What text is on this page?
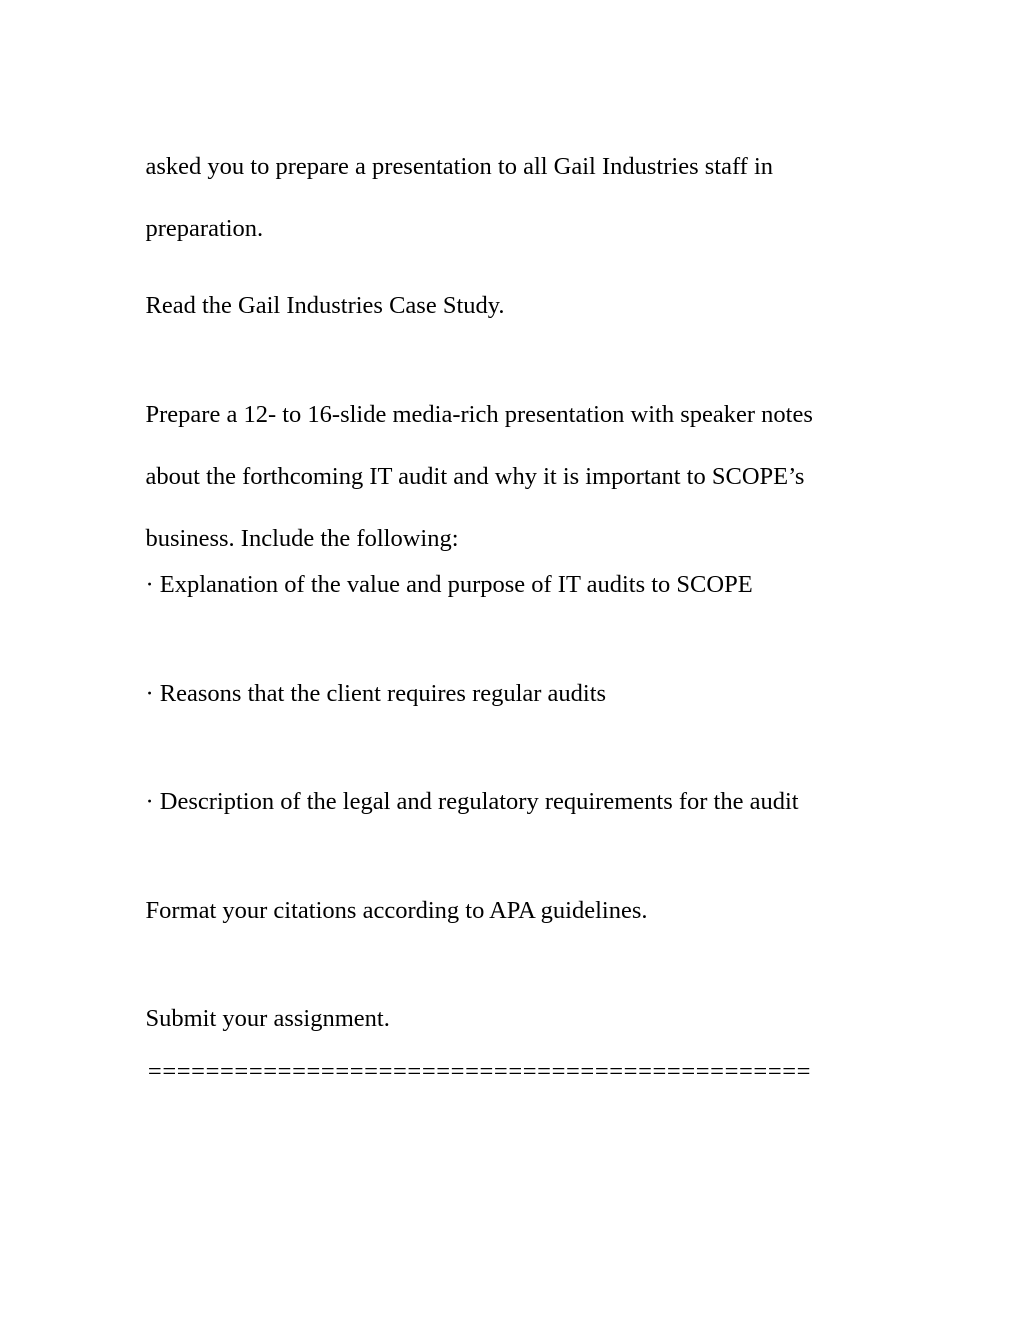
asked you to prepare a presentation to all Gail Industries staff in

preparation.

Read the Gail Industries Case Study.

Prepare a 12- to 16-slide media-rich presentation with speaker notes

about the forthcoming IT audit and why it is important to SCOPE’s

business. Include the following:

· Explanation of the value and purpose of IT audits to SCOPE

· Reasons that the client requires regular audits

· Description of the legal and regulatory requirements for the audit

Format your citations according to APA guidelines.

Submit your assignment.

==============================================
